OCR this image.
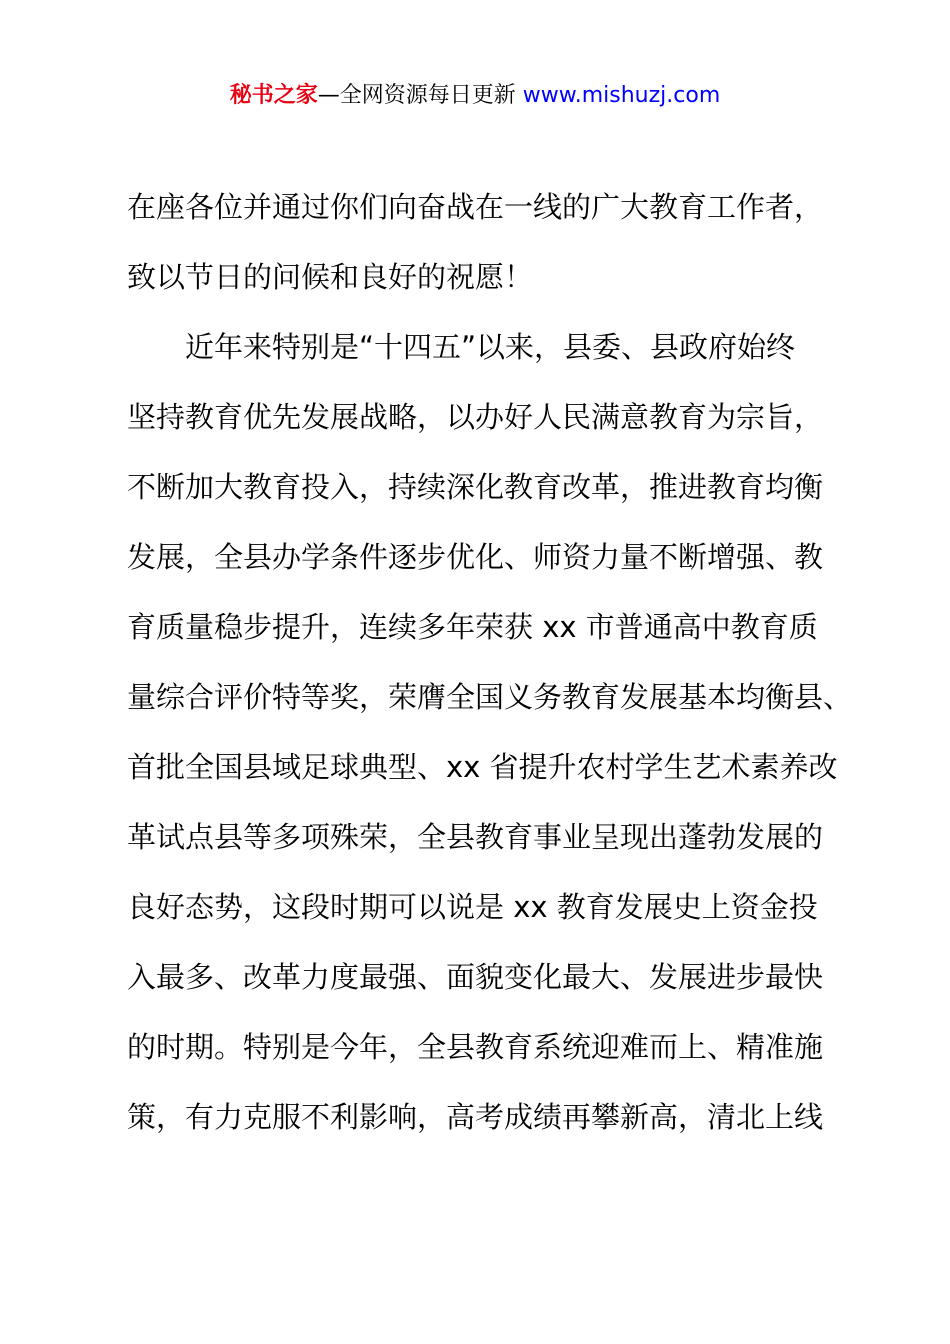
秘书之家—全网资源每日更新 www.mishuzj.com
在座各位并通过你们向奋战在一线的广大教育工作者，
致以节日的问候和良好的祝愿！
近年来特别是“十四五”以来，县委、县政府始终
坚持教育优先发展战略，以办好人民满意教育为宗旨，
不断加大教育投入，持续深化教育改革，推进教育均衡
发展，全县办学条件逐步优化、师资力量不断增强、教
育质量稳步提升，连续多年荣获 xx 市普通高中教育质
量综合评价特等奖，荣膺全国义务教育发展基本均衡县、
首批全国县域足球典型、xx 省提升农村学生艺术素养改
革试点县等多项殊荣，全县教育事业呈现出蓬勃发展的
良好态势，这段时期可以说是 xx 教育发展史上资金投
入最多、改革力度最强、面貌变化最大、发展进步最快
的时期。特别是今年，全县教育系统迎难而上、精准施
策，有力克服不利影响，高考成绩再攀新高，清北上线
